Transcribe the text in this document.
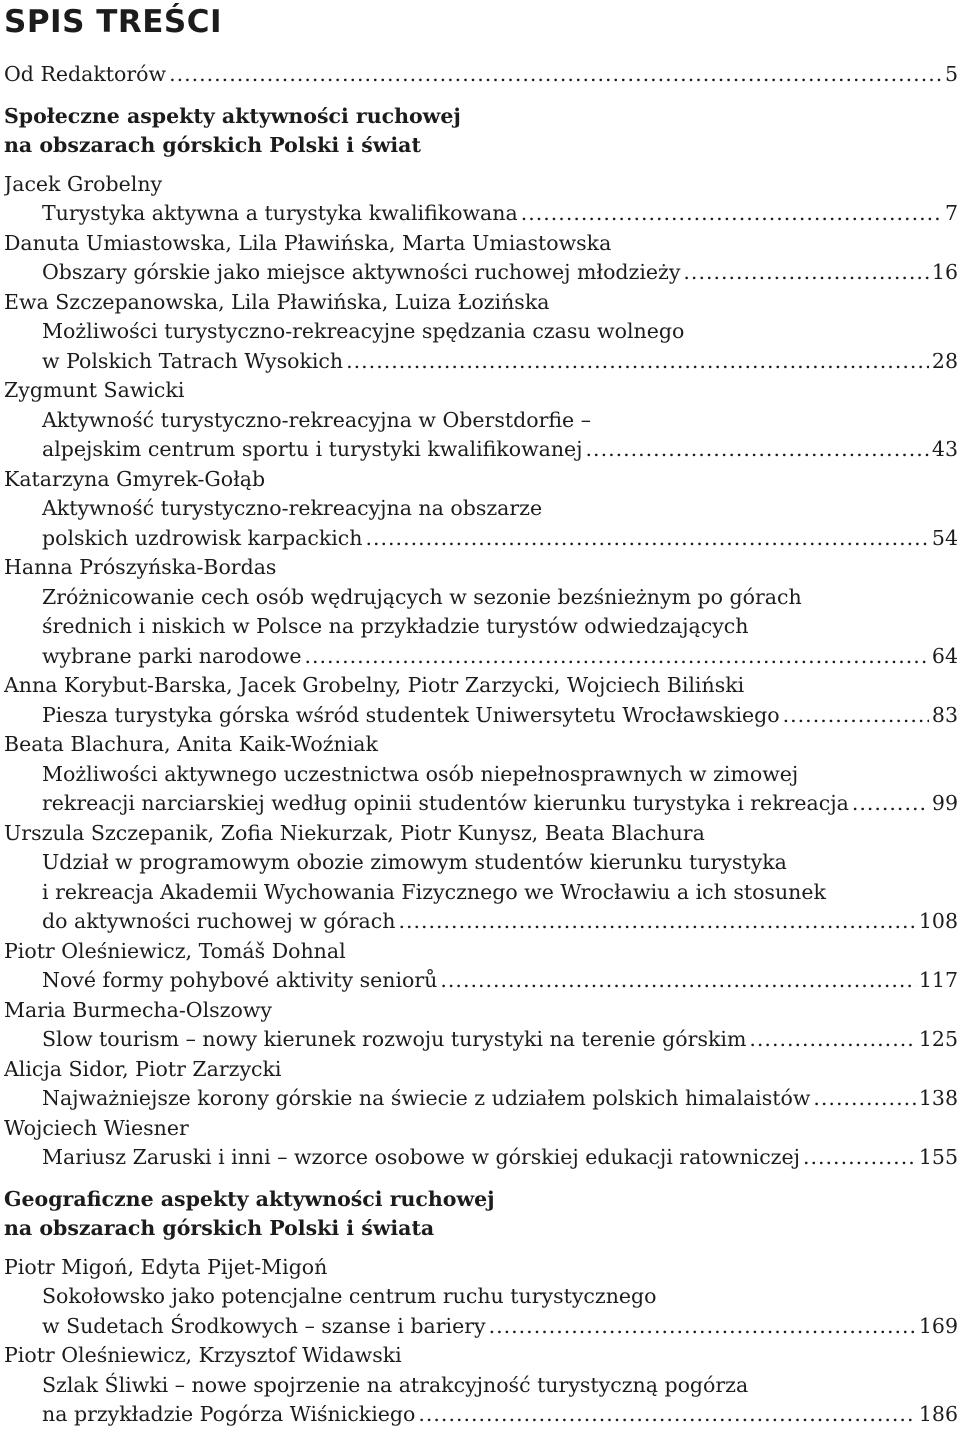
SPIS TREŚCI
Od Redaktorów .....	5
Społeczne aspekty aktywności ruchowej
na obszarach górskich Polski i świat
Jacek Grobelny
Turystyka aktywna a turystyka kwalifikowana .....	7
Danuta Umiastowska, Lila Pławińska, Marta Umiastowska
Obszary górskie jako miejsce aktywności ruchowej młodzieży .....	16
Ewa Szczepanowska, Lila Pławińska, Luiza Łozińska
Możliwości turystyczno-rekreacyjne spędzania czasu wolnego
w Polskich Tatrach Wysokich .....	28
Zygmunt Sawicki
Aktywność turystyczno-rekreacyjna w Oberstdorfie –
alpejskim centrum sportu i turystyki kwalifikowanej .....	43
Katarzyna Gmyrek-Gołąb
Aktywność turystyczno-rekreacyjna na obszarze
polskich uzdrowisk karpackich .....	54
Hanna Prószyńska-Bordas
Zróżnicowanie cech osób wędrujących w sezonie bezśnieżnym po górach
średnich i niskich w Polsce na przykładzie turystów odwiedzających
wybrane parki narodowe .....	64
Anna Korybut-Barska, Jacek Grobelny, Piotr Zarzycki, Wojciech Biliński
Piesza turystyka górska wśród studentek Uniwersytetu Wrocławskiego .....	83
Beata Blachura, Anita Kaik-Woźniak
Możliwości aktywnego uczestnictwa osób niepełnosprawnych w zimowej
rekreacji narciarskiej według opinii studentów kierunku turystyka i rekreacja .....	99
Urszula Szczepanik, Zofia Niekurzak, Piotr Kunysz, Beata Blachura
Udział w programowym obozie zimowym studentów kierunku turystyka
i rekreacja Akademii Wychowania Fizycznego we Wrocławiu a ich stosunek
do aktywności ruchowej w górach .....	108
Piotr Oleśniewicz, Tomáš Dohnal
Nové formy pohybové aktivity seniorů .....	117
Maria Burmecha-Olszowy
Slow tourism – nowy kierunek rozwoju turystyki na terenie górskim .....	125
Alicja Sidor, Piotr Zarzycki
Najważniejsze korony górskie na świecie z udziałem polskich himalaistów .....	138
Wojciech Wiesner
Mariusz Zaruski i inni – wzorce osobowe w górskiej edukacji ratowniczej .....	155
Geograficzne aspekty aktywności ruchowej
na obszarach górskich Polski i świata
Piotr Migoń, Edyta Pijet-Migoń
Sokołowsko jako potencjalne centrum ruchu turystycznego
w Sudetach Środkowych – szanse i bariery .....	169
Piotr Oleśniewicz, Krzysztof Widawski
Szlak Śliwki – nowe spojrzenie na atrakcyjność turystyczną pogórza
na przykładzie Pogórza Wiśnickiego .....	186
